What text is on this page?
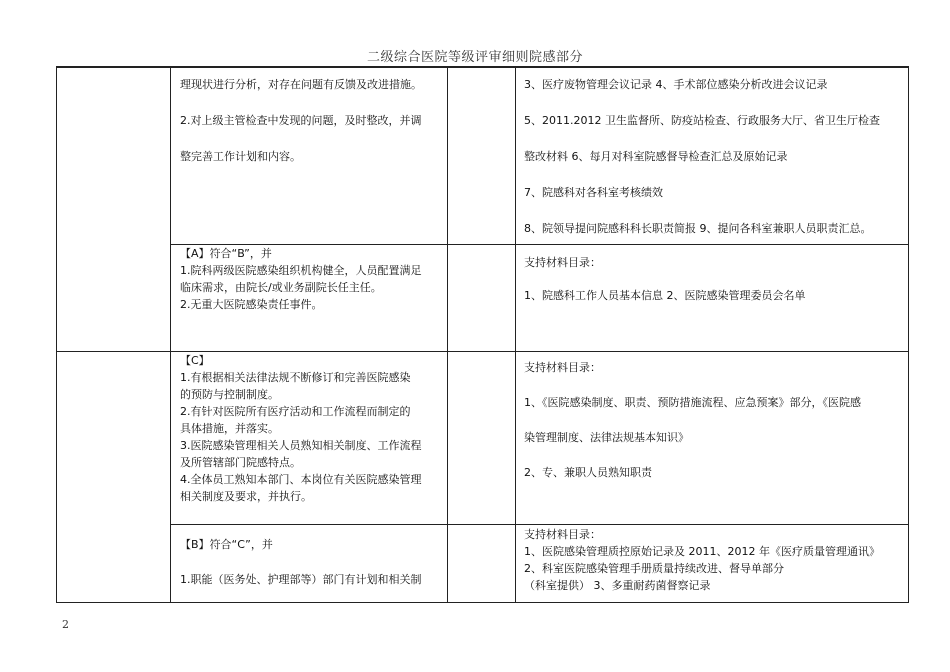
二级综合医院等级评审细则院感部分

理现状进行分析，对存在问题有反馈及改进措施。

2.对上级主管检查中发现的问题，及时整改，并调

整完善工作计划和内容。

3、医疗废物管理会议记录 4、手术部位感染分析改进会议记录

5、2011.2012 卫生监督所、防疫站检查、行政服务大厅、省卫生厅检查

整改材料 6、每月对科室院感督导检查汇总及原始记录

7、院感科对各科室考核绩效

8、院领导提问院感科科长职责简报 9、提问各科室兼职人员职责汇总。

【A】符合“B”，并

1.院科两级医院感染组织机构健全，人员配置满足

临床需求，由院长/或业务副院长任主任。

2.无重大医院感染责任事件。

支持材料目录：

1、院感科工作人员基本信息 2、医院感染管理委员会名单

【C】

1.有根据相关法律法规不断修订和完善医院感染

的预防与控制制度。

2.有针对医院所有医疗活动和工作流程而制定的

具体措施，并落实。

3.医院感染管理相关人员熟知相关制度、工作流程

及所管辖部门院感特点。

4.全体员工熟知本部门、本岗位有关医院感染管理

相关制度及要求，并执行。

支持材料目录：

1、《医院感染制度、职责、预防措施流程、应急预案》部分，《医院感

染管理制度、法律法规基本知识》

2、专、兼职人员熟知职责

【B】符合“C”，并

1.职能（医务处、护理部等）部门有计划和相关制

支持材料目录：

1、医院感染管理质控原始记录及 2011、2012 年《医疗质量管理通讯》

2、科室医院感染管理手册质量持续改进、督导单部分

（科室提供） 3、多重耐药菌督察记录

2
